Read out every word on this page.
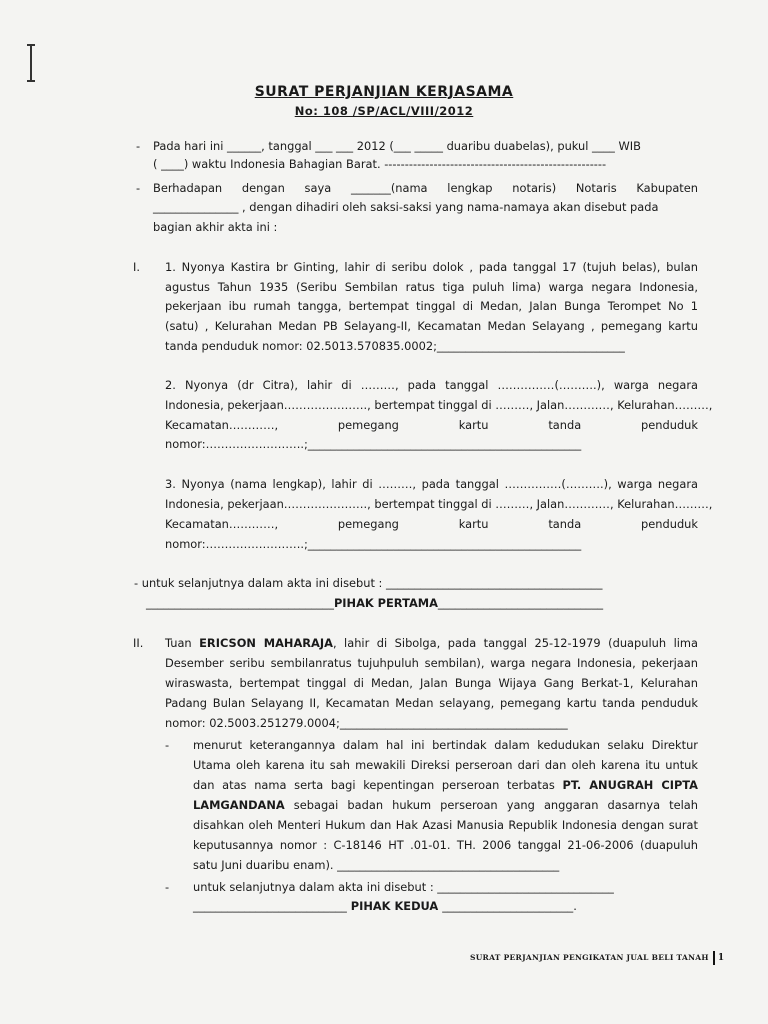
SURAT PERJANJIAN KERJASAMA
No: 108 /SP/ACL/VIII/2012
- Pada hari ini ______, tanggal ___ ___ 2012 (___ _____ duaribu duabelas), pukul ____ WIB
( ____) waktu Indonesia Bahagian Barat. ------------------------------------------------------
- Berhadapan dengan saya _______(nama lengkap notaris) Notaris Kabupaten
_______________ , dengan dihadiri oleh saksi-saksi yang nama-namaya akan disebut pada
bagian akhir akta ini :
I. 1. Nyonya Kastira br Ginting, lahir di seribu dolok , pada tanggal 17 (tujuh belas), bulan
agustus Tahun 1935 (Seribu Sembilan ratus tiga puluh lima) warga negara Indonesia,
pekerjaan ibu rumah tangga, bertempat tinggal di Medan, Jalan Bunga Terompet No 1
(satu) , Kelurahan Medan PB Selayang-II, Kecamatan Medan Selayang , pemegang kartu
tanda penduduk nomor: 02.5013.570835.0002;_________________________________
2. Nyonya (dr Citra), lahir di ………, pada tanggal ……………(……….), warga negara
Indonesia, pekerjaan…………………., bertempat tinggal di ………, Jalan…………, Kelurahan………,
Kecamatan…………, pemegang kartu tanda penduduk
nomor:……………………..;________________________________________________
3. Nyonya (nama lengkap), lahir di ………, pada tanggal ……………(……….), warga negara
Indonesia, pekerjaan…………………., bertempat tinggal di ………, Jalan…………, Kelurahan………,
Kecamatan…………, pemegang kartu tanda penduduk
nomor:……………………..;________________________________________________
- untuk selanjutnya dalam akta ini disebut : ______________________________________
_________________________________PIHAK PERTAMA_____________________________
II. Tuan ERICSON MAHARAJA, lahir di Sibolga, pada tanggal 25-12-1979 (duapuluh lima
Desember seribu sembilanratus tujuhpuluh sembilan), warga negara Indonesia, pekerjaan
wiraswasta, bertempat tinggal di Medan, Jalan Bunga Wijaya Gang Berkat-1, Kelurahan
Padang Bulan Selayang II, Kecamatan Medan selayang, pemegang kartu tanda penduduk
nomor: 02.5003.251279.0004;________________________________________
- menurut keterangannya dalam hal ini bertindak dalam kedudukan selaku Direktur
Utama oleh karena itu sah mewakili Direksi perseroan dari dan oleh karena itu untuk
dan atas nama serta bagi kepentingan perseroan terbatas PT. ANUGRAH CIPTA
LAMGANDANA sebagai badan hukum perseroan yang anggaran dasarnya telah
disahkan oleh Menteri Hukum dan Hak Azasi Manusia Republik Indonesia dengan surat
keputusannya nomor : C-18146 HT .01-01. TH. 2006 tanggal 21-06-2006 (duapuluh
satu Juni duaribu enam). _______________________________________
- untuk selanjutnya dalam akta ini disebut : _______________________________
___________________________ PIHAK KEDUA _______________________.
SURAT PERJANJIAN PENGIKATAN JUAL BELI TANAH 1
